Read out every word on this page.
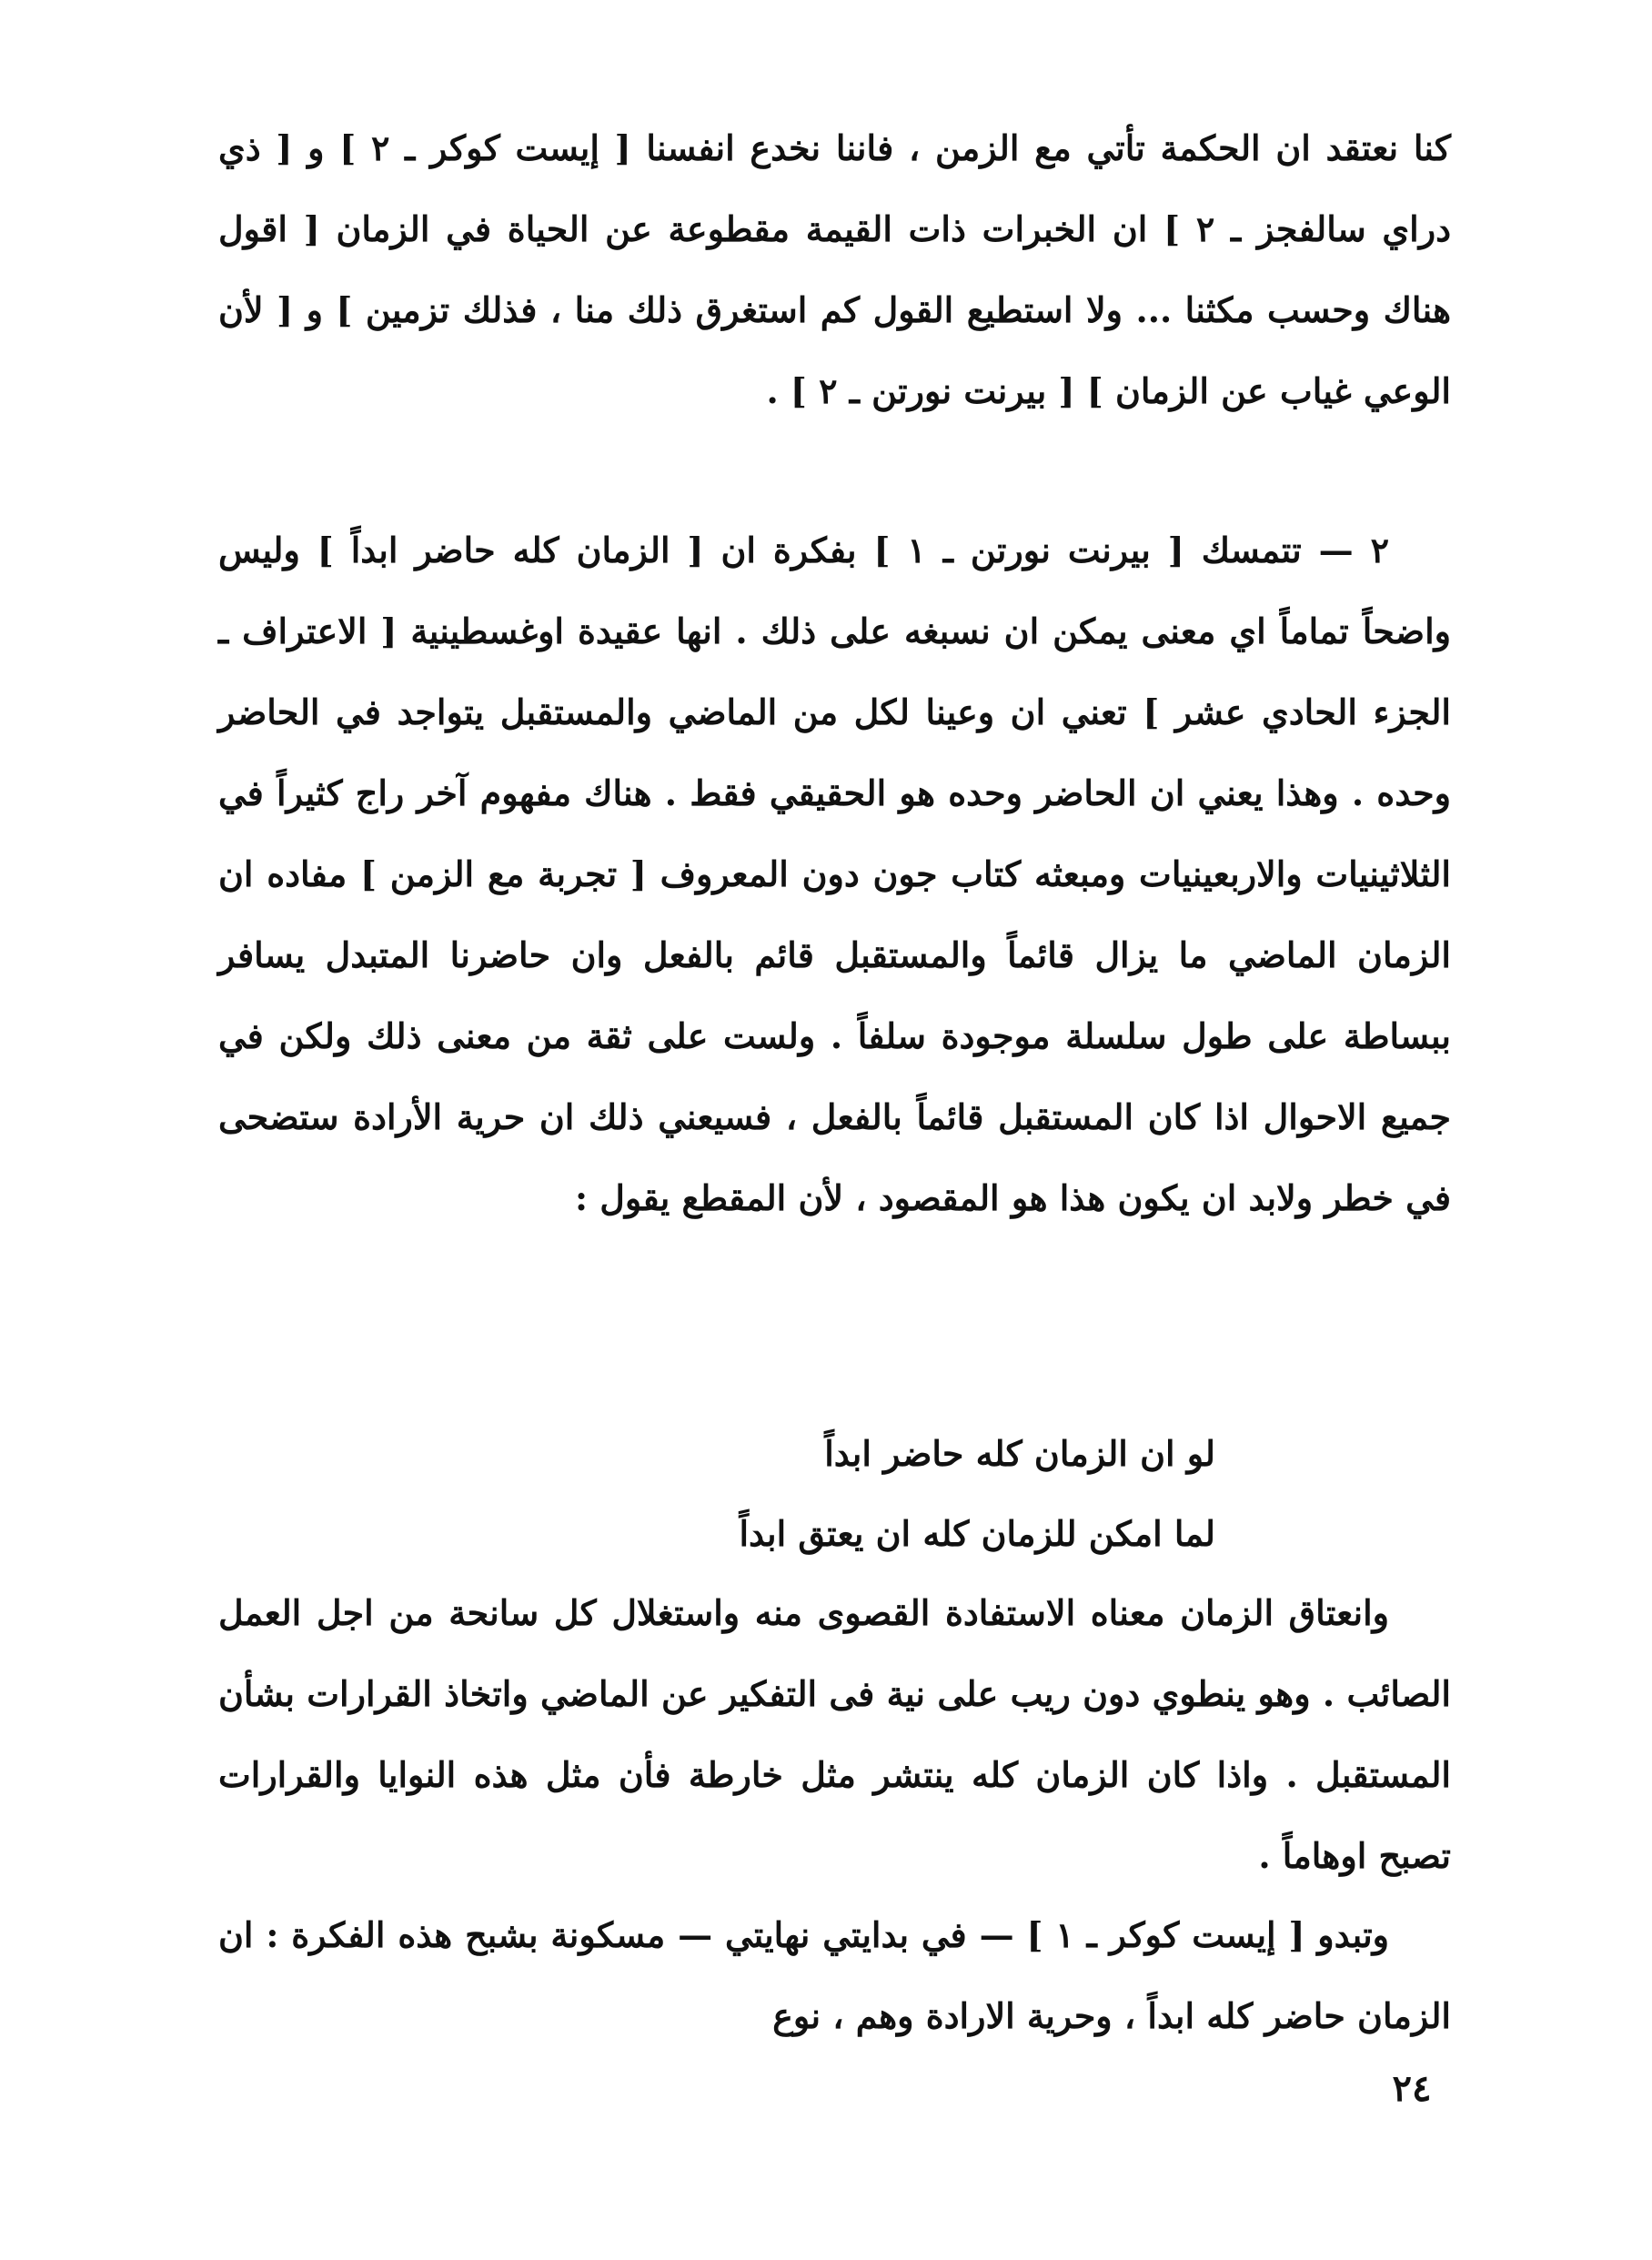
كنا نعتقد ان الحكمة تأتي مع الزمن ، فاننا نخدع انفسنا [ إيست كوكر ـ ٢ ] و [ ذي دراي سالفجز ـ ٢ ] ان الخبرات ذات القيمة مقطوعة عن الحياة في الزمان [ اقول هناك وحسب مكثنا ... ولا استطيع القول كم استغرق ذلك منا ، فذلك تزمين ] و [ لأن الوعي غياب عن الزمان ] [ بيرنت نورتن ـ ٢ ] .

٢ — تتمسك [ بيرنت نورتن ـ ١ ] بفكرة ان [ الزمان كله حاضر ابداً ] وليس واضحاً تماماً اي معنى يمكن ان نسبغه على ذلك . انها عقيدة اوغسطينية [ الاعتراف ـ الجزء الحادي عشر ] تعني ان وعينا لكل من الماضي والمستقبل يتواجد في الحاضر وحده . وهذا يعني ان الحاضر وحده هو الحقيقي فقط . هناك مفهوم آخر راج كثيراً في الثلاثينيات والاربعينيات ومبعثه كتاب جون دون المعروف [ تجربة مع الزمن ] مفاده ان الزمان الماضي ما يزال قائماً والمستقبل قائم بالفعل وان حاضرنا المتبدل يسافر ببساطة على طول سلسلة موجودة سلفاً . ولست على ثقة من معنى ذلك ولكن في جميع الاحوال اذا كان المستقبل قائماً بالفعل ، فسيعني ذلك ان حرية الأرادة ستضحى في خطر ولابد ان يكون هذا هو المقصود ، لأن المقطع يقول :

لو ان الزمان كله حاضر ابداً
لما امكن للزمان كله ان يعتق ابداً

وانعتاق الزمان معناه الاستفادة القصوى منه واستغلال كل سانحة من اجل العمل الصائب . وهو ينطوي دون ريب على نية فى التفكير عن الماضي واتخاذ القرارات بشأن المستقبل . واذا كان الزمان كله ينتشر مثل خارطة فأن مثل هذه النوايا والقرارات تصبح اوهاماً .

وتبدو [ إيست كوكر ـ ١ ] — في بدايتي نهايتي — مسكونة بشبح هذه الفكرة : ان الزمان حاضر كله ابداً ، وحرية الارادة وهم ، نوع

٢٤
